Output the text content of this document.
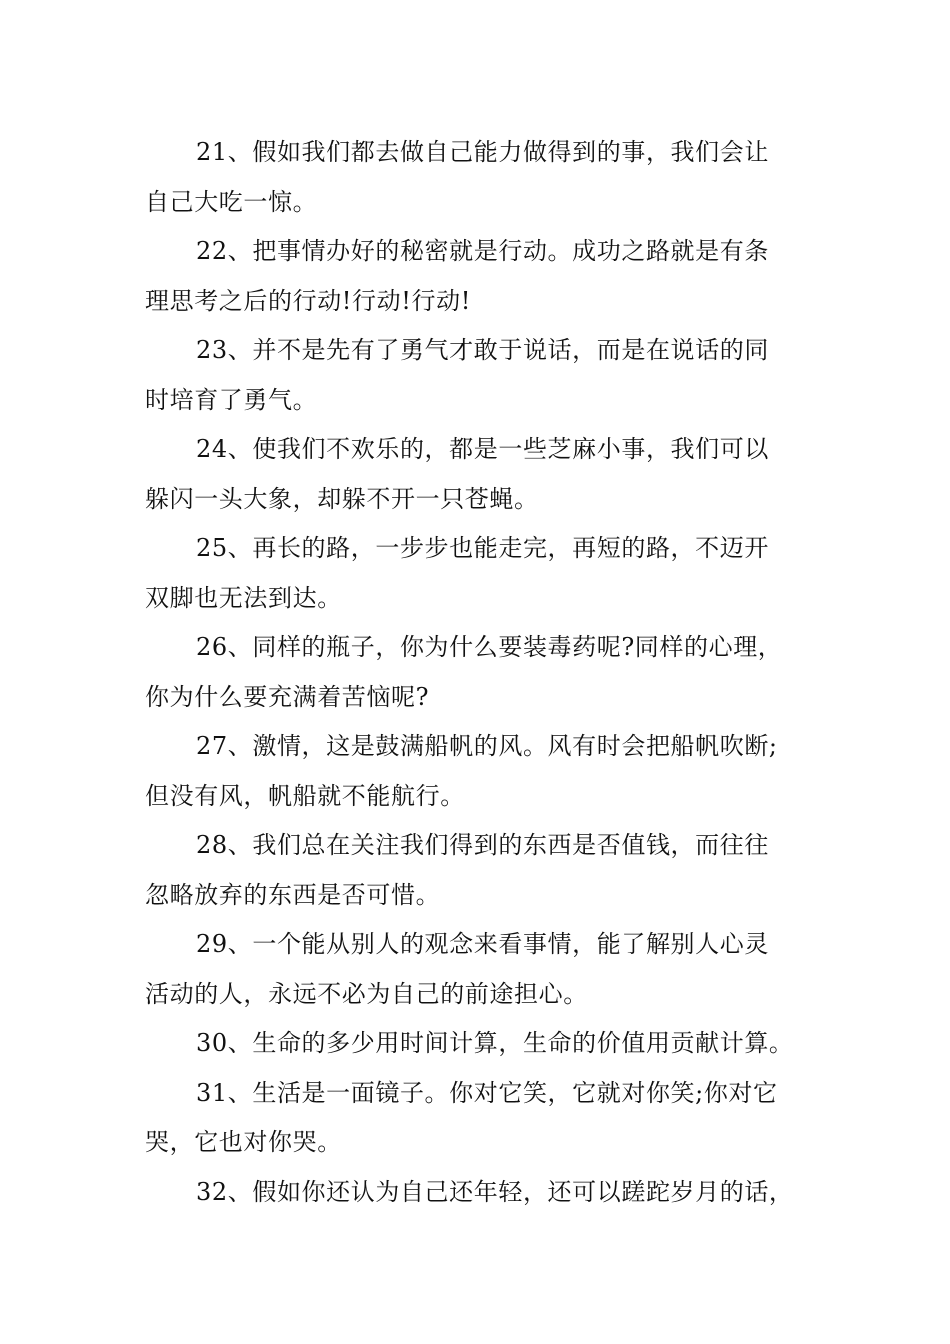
21、假如我们都去做自己能力做得到的事，我们会让
自己大吃一惊。
22、把事情办好的秘密就是行动。成功之路就是有条
理思考之后的行动!行动!行动!
23、并不是先有了勇气才敢于说话，而是在说话的同
时培育了勇气。
24、使我们不欢乐的，都是一些芝麻小事，我们可以
躲闪一头大象，却躲不开一只苍蝇。
25、再长的路，一步步也能走完，再短的路，不迈开
双脚也无法到达。
26、同样的瓶子，你为什么要装毒药呢?同样的心理，
你为什么要充满着苦恼呢?
27、激情，这是鼓满船帆的风。风有时会把船帆吹断;
但没有风，帆船就不能航行。
28、我们总在关注我们得到的东西是否值钱，而往往
忽略放弃的东西是否可惜。
29、一个能从别人的观念来看事情，能了解别人心灵
活动的人，永远不必为自己的前途担心。
30、生命的多少用时间计算，生命的价值用贡献计算。
31、生活是一面镜子。你对它笑，它就对你笑;你对它
哭，它也对你哭。
32、假如你还认为自己还年轻，还可以蹉跎岁月的话，
